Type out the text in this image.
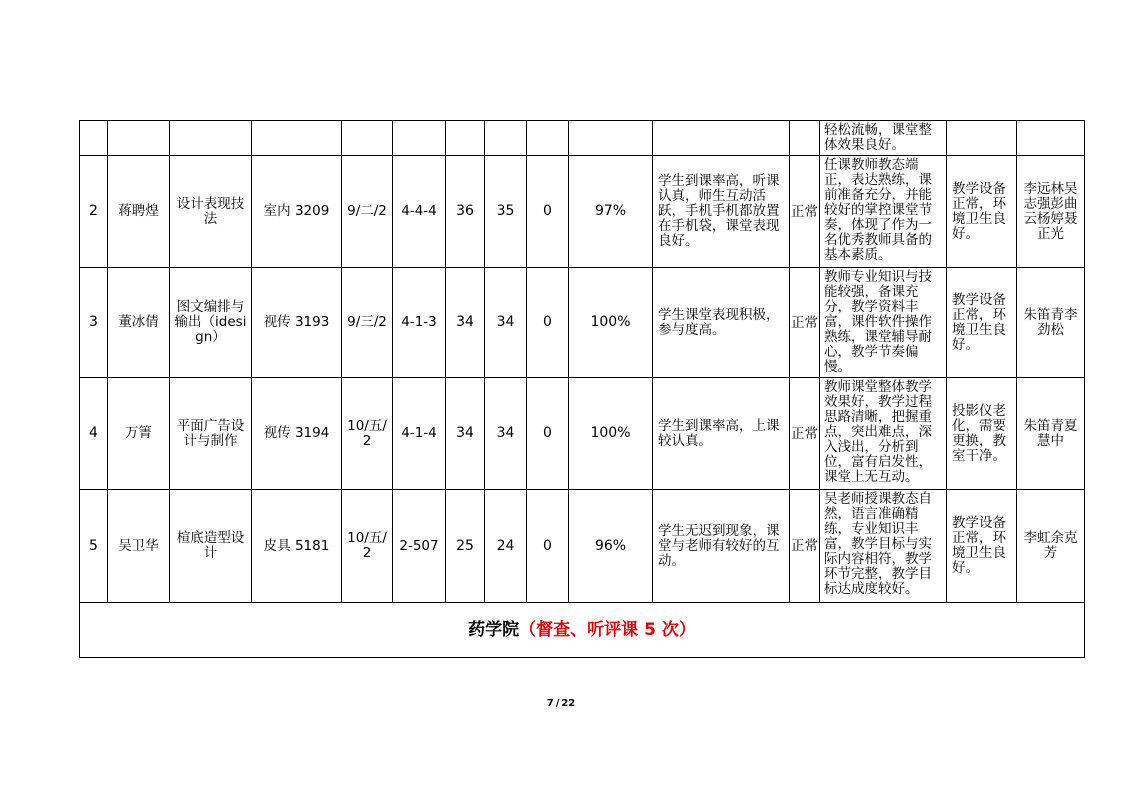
												轻松流畅，课堂整体效果良好。		
2	蒋聘煌	设计表现技法	室内 3209	9/二/2	4-4-4	36	35	0	97%	学生到课率高，听课认真，师生互动活跃，手机手机都放置在手机袋，课堂表现良好。	正常	任课教师教态端正，表达熟练，课前准备充分，并能较好的掌控课堂节奏，体现了作为一名优秀教师具备的基本素质。	教学设备正常，环境卫生良好。	李远林吴志强彭曲云杨婷聂正光
3	董冰倩	图文编排与输出（idesign）	视传 3193	9/三/2	4-1-3	34	34	0	100%	学生课堂表现积极，参与度高。	正常	教师专业知识与技能较强，备课充分，教学资料丰富，课件软件操作熟练，课堂辅导耐心，教学节奏偏慢。	教学设备正常，环境卫生良好。	朱笛青李劲松
4	万箐	平面广告设计与制作	视传 3194	10/五/2	4-1-4	34	34	0	100%	学生到课率高，上课较认真。	正常	教师课堂整体教学效果好，教学过程思路清晰，把握重点，突出难点，深入浅出，分析到位，富有启发性，课堂上无互动。	投影仪老化，需要更换，教室干净。	朱笛青夏慧中
5	吴卫华	楦底造型设计	皮具 5181	10/五/2	2-507	25	24	0	96%	学生无迟到现象，课堂与老师有较好的互动。	正常	吴老师授课教态自然，语言准确精练，专业知识丰富，教学目标与实际内容相符，教学环节完整，教学目标达成度较好。	教学设备正常，环境卫生良好。	李虹余克芳
药学院（督查、听评课 5 次）														
7 / 22
